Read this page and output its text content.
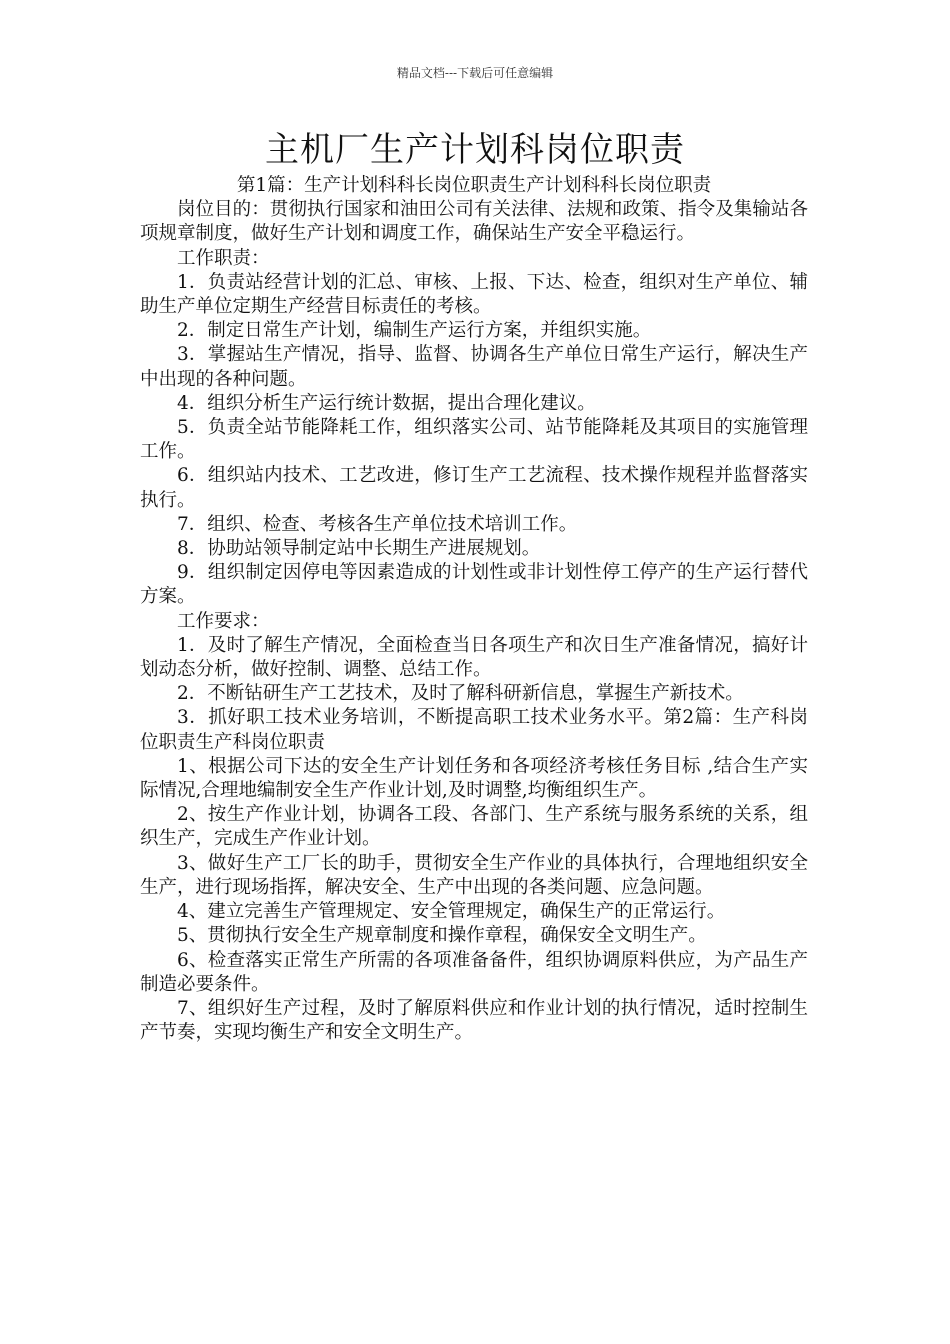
精品文档---下载后可任意编辑
主机厂生产计划科岗位职责

第1篇：生产计划科科长岗位职责生产计划科科长岗位职责

岗位目的：贯彻执行国家和油田公司有关法律、法规和政策、指令及集输站各项规章制度，做好生产计划和调度工作，确保站生产安全平稳运行。

工作职责：

1．负责站经营计划的汇总、审核、上报、下达、检查，组织对生产单位、辅助生产单位定期生产经营目标责任的考核。

2．制定日常生产计划，编制生产运行方案，并组织实施。

3．掌握站生产情况，指导、监督、协调各生产单位日常生产运行，解决生产中出现的各种问题。

4．组织分析生产运行统计数据，提出合理化建议。

5．负责全站节能降耗工作，组织落实公司、站节能降耗及其项目的实施管理工作。

6．组织站内技术、工艺改进，修订生产工艺流程、技术操作规程并监督落实执行。

7．组织、检查、考核各生产单位技术培训工作。

8．协助站领导制定站中长期生产进展规划。

9．组织制定因停电等因素造成的计划性或非计划性停工停产的生产运行替代方案。

工作要求：

1．及时了解生产情况，全面检查当日各项生产和次日生产准备情况，搞好计划动态分析，做好控制、调整、总结工作。

2．不断钻研生产工艺技术，及时了解科研新信息，掌握生产新技术。

3．抓好职工技术业务培训，不断提高职工技术业务水平。第2篇：生产科岗位职责生产科岗位职责

1、根据公司下达的安全生产计划任务和各项经济考核任务目标 ,结合生产实际情况,合理地编制安全生产作业计划,及时调整,均衡组织生产。

2、按生产作业计划，协调各工段、各部门、生产系统与服务系统的关系，组织生产，完成生产作业计划。

3、做好生产工厂长的助手，贯彻安全生产作业的具体执行，合理地组织安全生产，进行现场指挥，解决安全、生产中出现的各类问题、应急问题。

4、建立完善生产管理规定、安全管理规定，确保生产的正常运行。

5、贯彻执行安全生产规章制度和操作章程，确保安全文明生产。

6、检查落实正常生产所需的各项准备备件，组织协调原料供应，为产品生产制造必要条件。

7、组织好生产过程，及时了解原料供应和作业计划的执行情况，适时控制生产节奏，实现均衡生产和安全文明生产。
